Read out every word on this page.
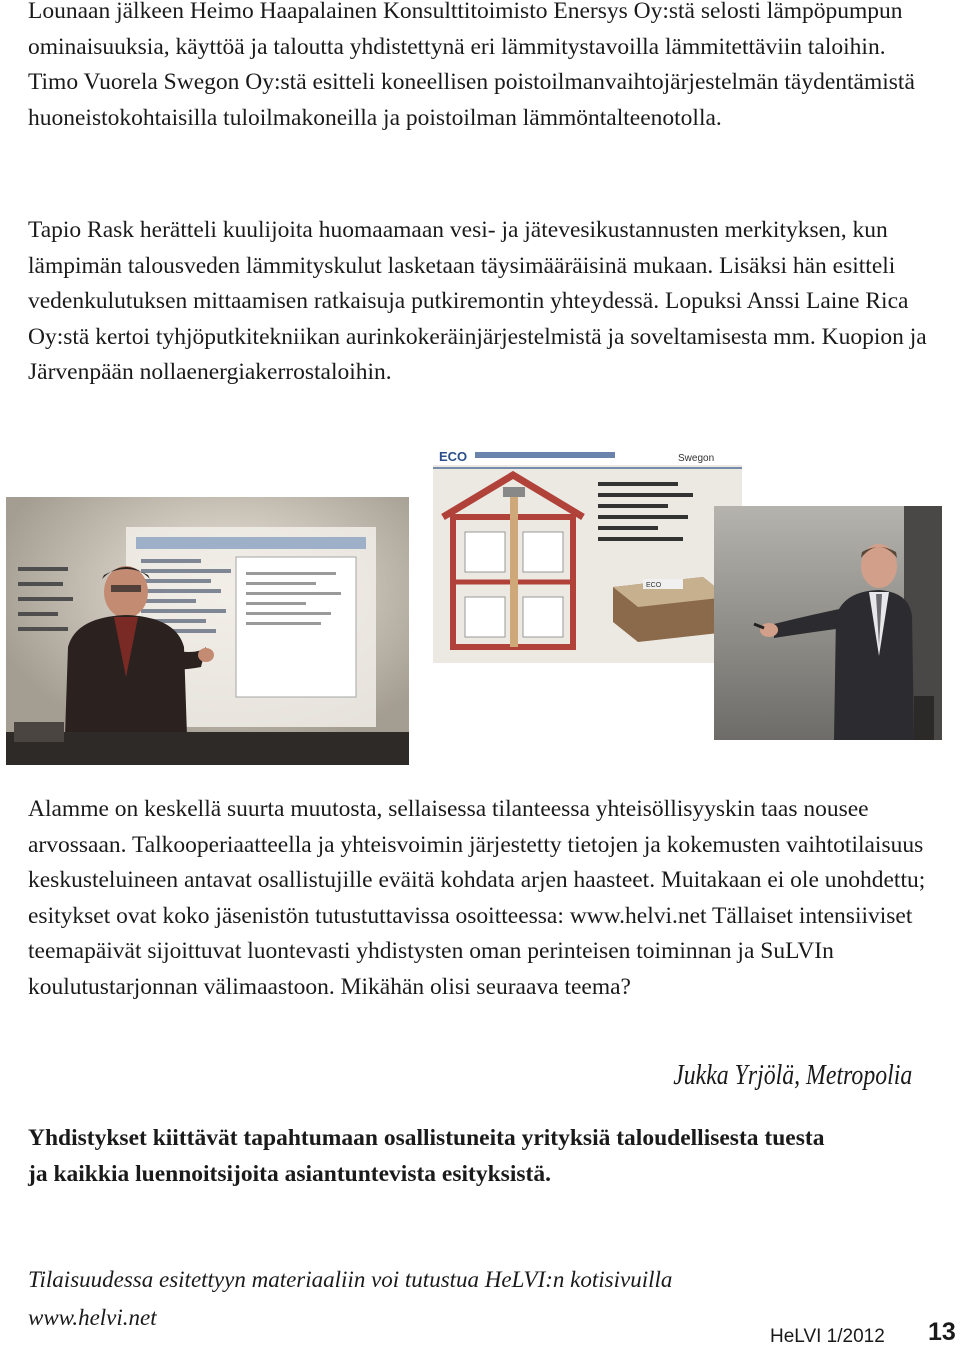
Lounaan jälkeen Heimo Haapalainen Konsulttitoimisto Enersys Oy:stä selosti lämpöpumpun ominaisuuksia, käyttöä ja taloutta yhdistettynä eri lämmitystavoilla lämmitettäviin taloihin. Timo Vuorela Swegon Oy:stä esitteli koneellisen poistoilmanvaihtojärjestelmän täydentämistä huoneistokohtaisilla tuloilmakoneilla ja poistoilman lämmöntalteenotolla.

Tapio Rask herätteli kuulijoita huomaamaan vesi- ja jätevesikustannusten merkityksen, kun lämpimän talousveden lämmityskulut lasketaan täysimääräisinä mukaan. Lisäksi hän esitteli vedenkulutuksen mittaamisen ratkaisuja putkiremontin yhteydessä. Lopuksi Anssi Laine Rica Oy:stä kertoi tyhjöputkitekniikan aurinkokeräinjärjestelmistä ja soveltamisesta mm. Kuopion ja Järvenpään nollaenergiakerrostaloihin.

ECO	Swegon
ECO

Alamme on keskellä suurta muutosta, sellaisessa tilanteessa yhteisöllisyyskin taas nousee arvossaan. Talkooperiaatteella ja yhteisvoimin järjestetty tietojen ja kokemusten vaihtotilaisuus keskusteluineen antavat osallistujille eväitä kohdata arjen haasteet. Muitakaan ei ole unohdettu; esitykset ovat koko jäsenistön tutustuttavissa osoitteessa: www.helvi.net Tällaiset intensiiviset teemapäivät sijoittuvat luontevasti yhdistysten oman perinteisen toiminnan ja SuLVIn koulutustarjonnan välimaastoon. Mikähän olisi seuraava teema?

Jukka Yrjölä, Metropolia

Yhdistykset kiittävät tapahtumaan osallistuneita yrityksiä taloudellisesta tuesta ja kaikkia luennoitsijoita asiantuntevista esityksistä.

Tilaisuudessa esitettyyn materiaaliin voi tutustua HeLVI:n kotisivuilla

www.helvi.net

HeLVI 1/2012 13
